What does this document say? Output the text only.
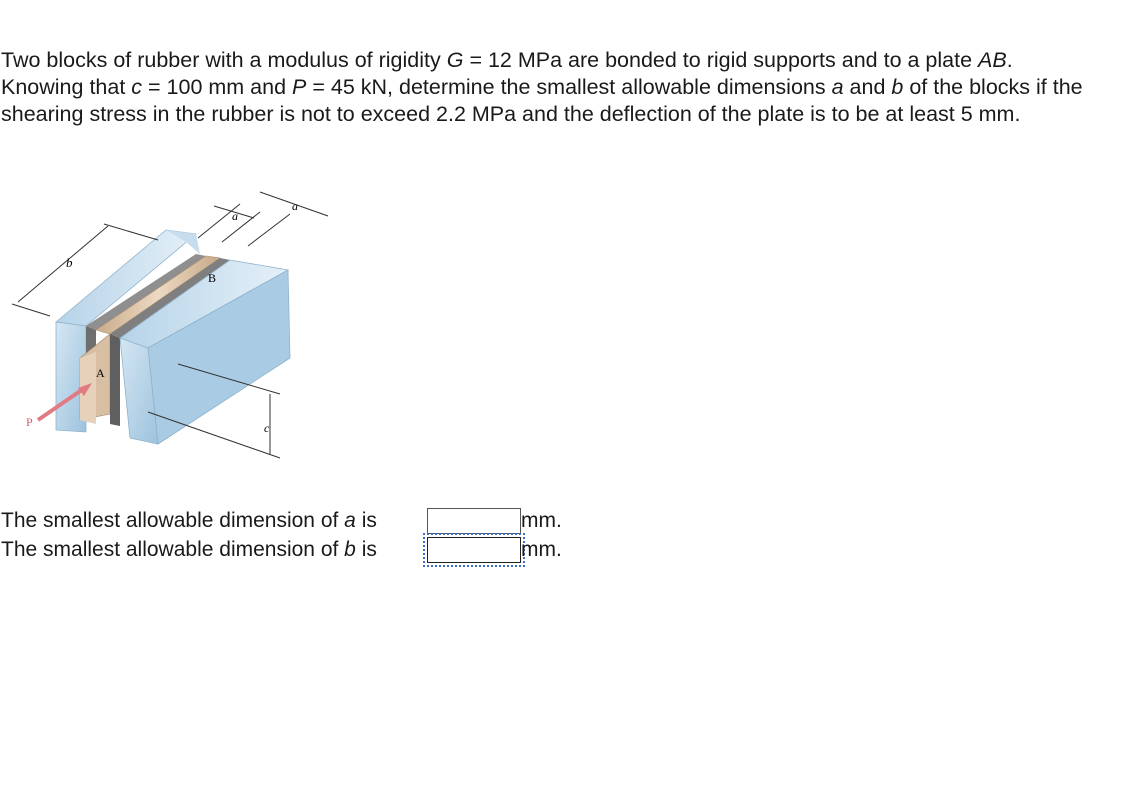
Two blocks of rubber with a modulus of rigidity G = 12 MPa are bonded to rigid supports and to a plate AB. Knowing that c = 100 mm and P = 45 kN, determine the smallest allowable dimensions a and b of the blocks if the shearing stress in the rubber is not to exceed 2.2 MPa and the deflection of the plate is to be at least 5 mm.

b
a
a
B
A
P	c
The smallest allowable dimension of a is	mm.
The smallest allowable dimension of b is	mm.
